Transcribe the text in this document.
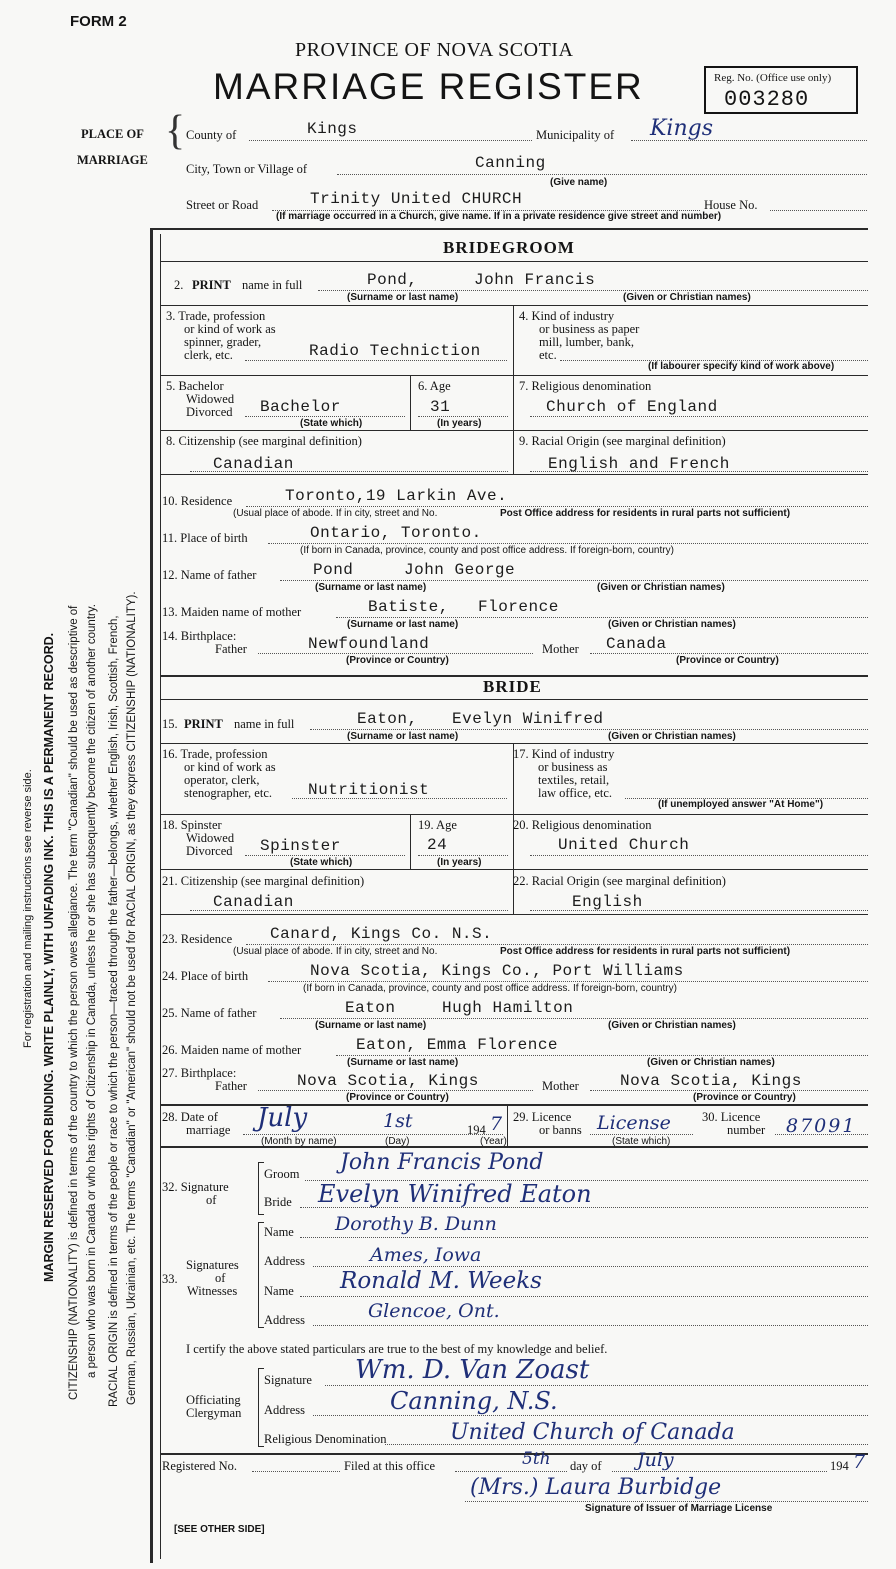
FORM 2
PROVINCE OF NOVA SCOTIA
MARRIAGE REGISTER	Reg. No. (Office use only)
003280
For registration and mailing instructions see reverse side. MARGIN RESERVED FOR BINDING. WRITE PLAINLY, WITH UNFADING INK. THIS IS A PERMANENT RECORD. CITIZENSHIP (NATIONALITY) is defined in terms of the country to which the person owes allegiance. The term "Canadian" should be used as descriptive of a person who was born in Canada or who has rights of Citizenship in Canada, unless he or she has subsequently become the citizen of another country. RACIAL ORIGIN is defined in terms of the people or race to which the person—traced through the father—belongs, whether English, Irish, Scottish, French, German, Russian, Ukrainian, etc. The terms "Canadian" or "American" should not be used for RACIAL ORIGIN, as they express CITIZENSHIP (NATIONALITY).
PLACE OF
MARRIAGE
{ County of	Kings	Municipality of Kings
City, Town or Village of	Canning
(Give name)
Street or Road	Trinity United CHURCH	House No.
(If marriage occurred in a Church, give name. If in a private residence give street and number)
BRIDEGROOM
2. PRINT name in full	Pond,	John Francis
(Surname or last name)	(Given or Christian names)
3. Trade, profession
or kind of work as
spinner, grader,
clerk, etc.	Radio Techniction
4. Kind of industry
or business as paper
mill, lumber, bank,
etc.
(If labourer specify kind of work above)
5. Bachelor
Widowed
Divorced Bachelor
(State which)
6. Age
31
(In years)
7. Religious denomination
Church of England
8. Citizenship (see marginal definition)
Canadian
9. Racial Origin (see marginal definition)
English and French
10. Residence	Toronto,19 Larkin Ave.
(Usual place of abode. If in city, street and No.	Post Office address for residents in rural parts not sufficient)
11. Place of birth	Ontario, Toronto.
(If born in Canada, province, county and post office address. If foreign-born, country)
12. Name of father	Pond	John George
(Surname or last name)	(Given or Christian names)
13. Maiden name of mother	Batiste, Florence
(Surname or last name)	(Given or Christian names)
14. Birthplace:
Father	Newfoundland	Mother Canada
(Province or Country)	(Province or Country)
BRIDE
15. PRINT name in full	Eaton, Evelyn Winifred
(Surname or last name)	(Given or Christian names)
16. Trade, profession
or kind of work as
operator, clerk,
stenographer, etc. Nutritionist
17. Kind of industry
or business as
textiles, retail,
law office, etc.
(If unemployed answer "At Home")
18. Spinster
Widowed
Divorced Spinster
(State which)
19. Age
24
(In years)
20. Religious denomination
United Church
21. Citizenship (see marginal definition)
Canadian
22. Racial Origin (see marginal definition)
English
23. Residence Canard, Kings Co. N.S.
(Usual place of abode. If in city, street and No.	Post Office address for residents in rural parts not sufficient)
24. Place of birth	Nova Scotia, Kings Co., Port Williams
(If born in Canada, province, county and post office address. If foreign-born, country)
25. Name of father	Eaton	Hugh Hamilton
(Surname or last name)	(Given or Christian names)
26. Maiden name of mother	Eaton, Emma Florence
(Surname or last name)	(Given or Christian names)
27. Birthplace:
Father	Nova Scotia, Kings	Mother	Nova Scotia, Kings
(Province or Country)	(Province or Country)
28. Date of
marriage July	1st	194 7
(Month by name)	(Day)	(Year)
29. Licence
or banns License
(State which)
30. Licence
number 87091
32. Signature
of
Groom John Francis Pond
Bride Evelyn Winifred Eaton
33.
Signatures
of
Witnesses
Name Dorothy B. Dunn
Address	Ames, Iowa
Name Ronald M. Weeks
Address	Glencoe, Ont.
I certify the above stated particulars are true to the best of my knowledge and belief.
Officiating
Clergyman
Signature Wm. D. Van Zoast
Address	Canning, N.S.
Religious Denomination	United Church of Canada
Registered No.	Filed at this office	5th day of July	194 7
(Mrs.) Laura Burbidge
Signature of Issuer of Marriage License
[SEE OTHER SIDE]
